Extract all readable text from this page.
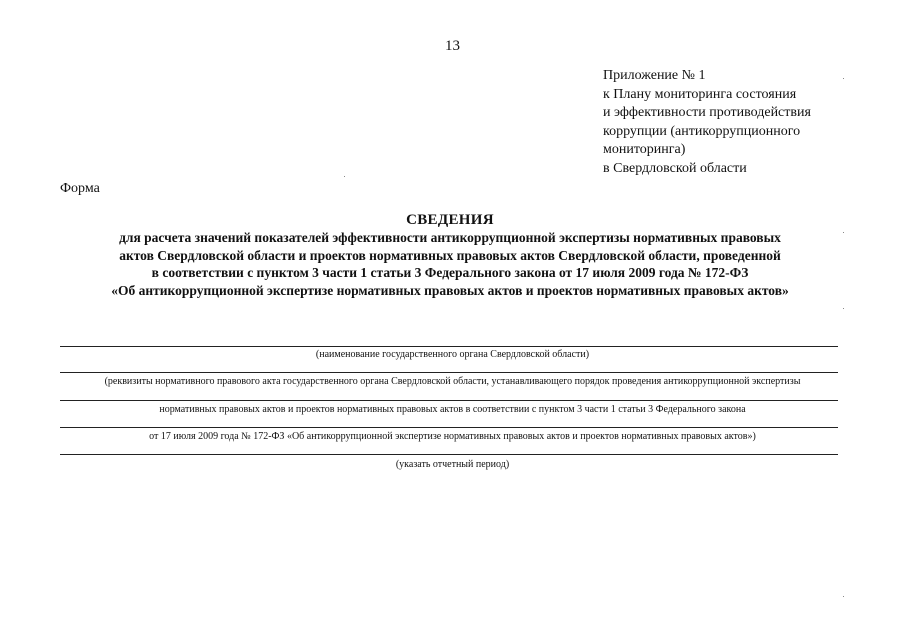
13
Приложение № 1
к Плану мониторинга состояния
и эффективности противодействия
коррупции (антикоррупционного
мониторинга)
в Свердловской области
Форма
СВЕДЕНИЯ
для расчета значений показателей эффективности антикоррупционной экспертизы нормативных правовых
актов Свердловской области и проектов нормативных правовых актов Свердловской области, проведенной
в соответствии с пунктом 3 части 1 статьи 3 Федерального закона от 17 июля 2009 года № 172-ФЗ
«Об антикоррупционной экспертизе нормативных правовых актов и проектов нормативных правовых актов»
(наименование государственного органа Свердловской области)
(реквизиты нормативного правового акта государственного органа Свердловской области, устанавливающего порядок проведения антикоррупционной экспертизы
нормативных правовых актов и проектов нормативных правовых актов в соответствии с пунктом 3 части 1 статьи 3 Федерального закона
от 17 июля 2009 года № 172-ФЗ «Об антикоррупционной экспертизе нормативных правовых актов и проектов нормативных правовых актов»)
(указать отчетный период)
